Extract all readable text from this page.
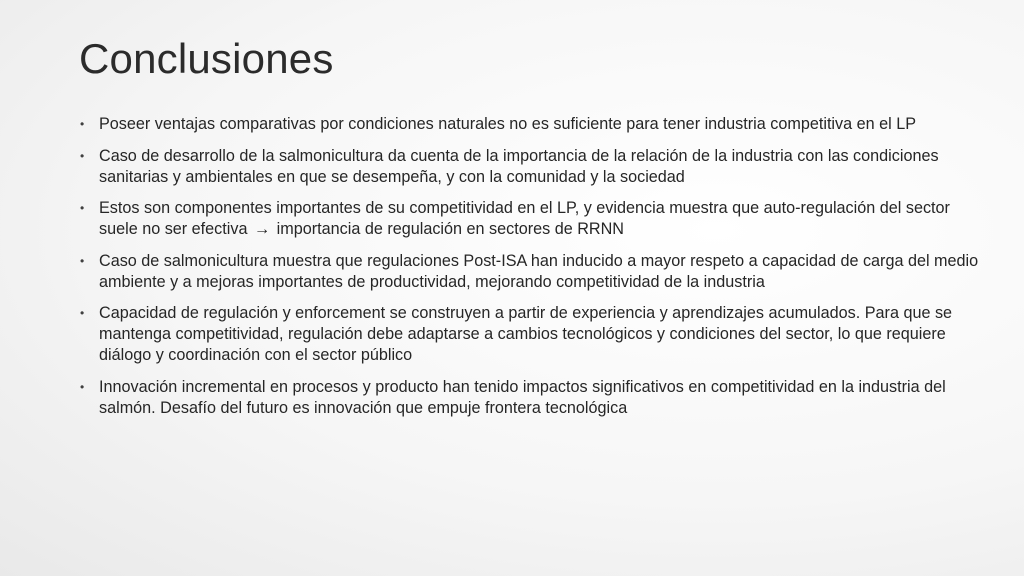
Conclusiones
• Poseer ventajas comparativas por condiciones naturales no es suficiente para tener industria competitiva en el LP
• Caso de desarrollo de la salmonicultura da cuenta de la importancia de la relación de la industria con las condiciones sanitarias y ambientales en que se desempeña, y con la comunidad y la sociedad
• Estos son componentes importantes de su competitividad en el LP, y evidencia muestra que auto-regulación del sector suele no ser efectiva → importancia de regulación en sectores de RRNN
• Caso de salmonicultura muestra que regulaciones Post-ISA han inducido a mayor respeto a capacidad de carga del medio ambiente y a mejoras importantes de productividad, mejorando competitividad de la industria
• Capacidad de regulación y enforcement se construyen a partir de experiencia y aprendizajes acumulados. Para que se mantenga competitividad, regulación debe adaptarse a cambios tecnológicos y condiciones del sector, lo que requiere diálogo y coordinación con el sector público
• Innovación incremental en procesos y producto han tenido impactos significativos en competitividad en la industria del salmón. Desafío del futuro es innovación que empuje frontera tecnológica
